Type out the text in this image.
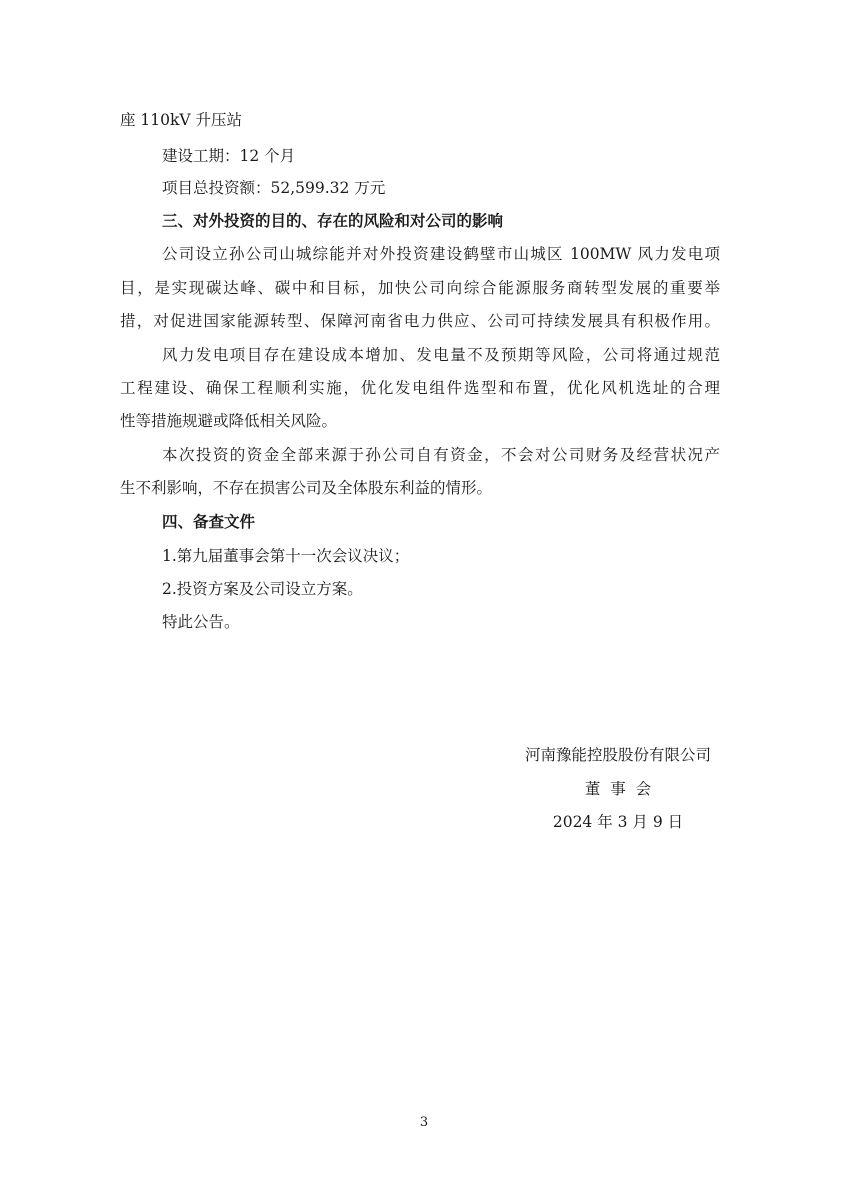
座 110kV 升压站
建设工期：12 个月
项目总投资额：52,599.32 万元
三、对外投资的目的、存在的风险和对公司的影响
公司设立孙公司山城综能并对外投资建设鹤壁市山城区 100MW 风力发电项
目，是实现碳达峰、碳中和目标，加快公司向综合能源服务商转型发展的重要举
措，对促进国家能源转型、保障河南省电力供应、公司可持续发展具有积极作用。
风力发电项目存在建设成本增加、发电量不及预期等风险，公司将通过规范
工程建设、确保工程顺利实施，优化发电组件选型和布置，优化风机选址的合理
性等措施规避或降低相关风险。
本次投资的资金全部来源于孙公司自有资金，不会对公司财务及经营状况产
生不利影响，不存在损害公司及全体股东利益的情形。
四、备查文件
1.第九届董事会第十一次会议决议；
2.投资方案及公司设立方案。
特此公告。
河南豫能控股股份有限公司
董  事  会
2024 年 3 月 9 日
3
